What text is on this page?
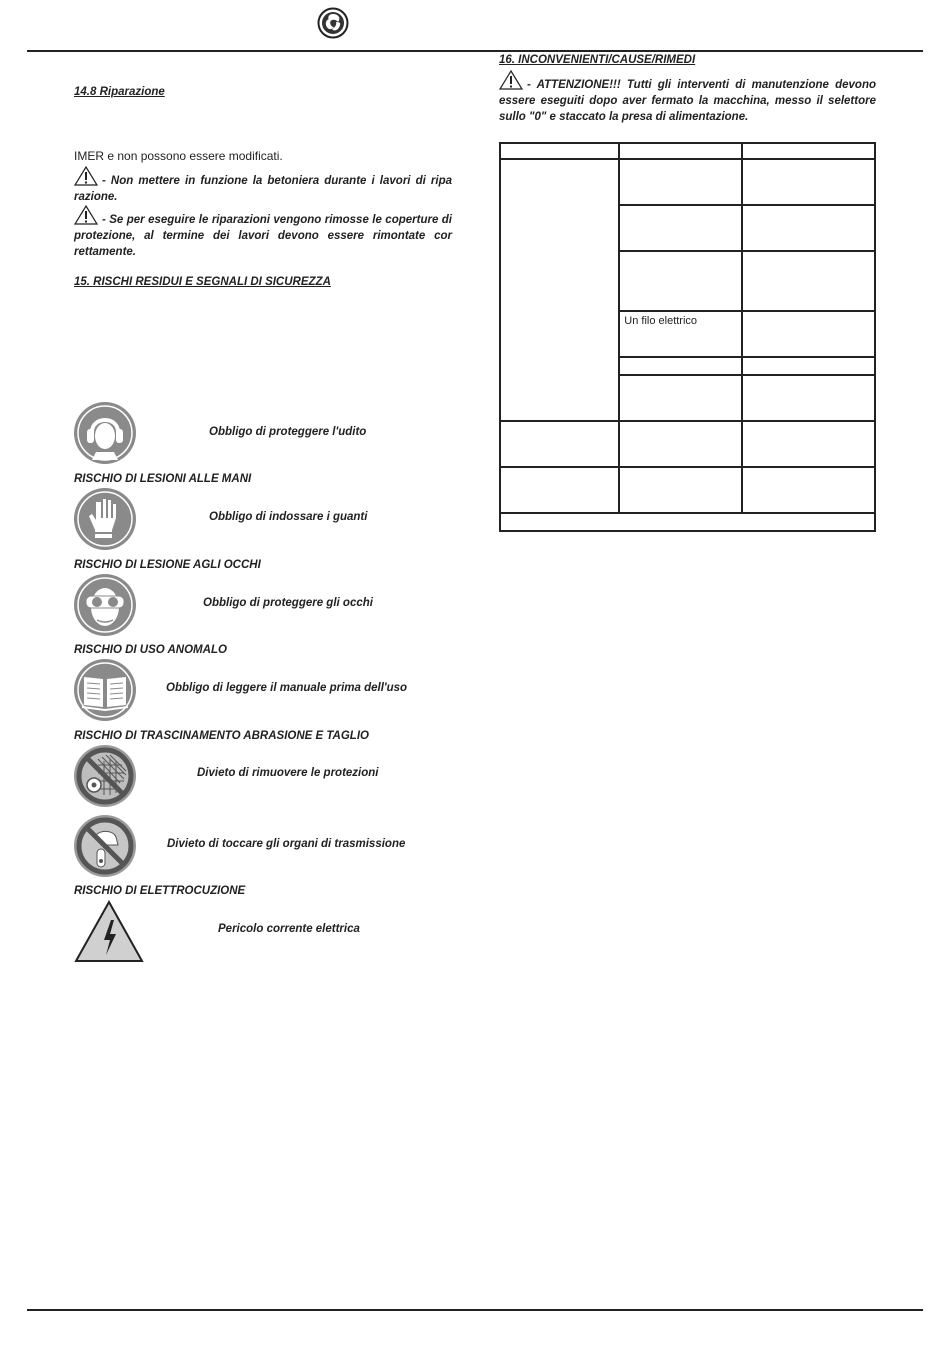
14.8 Riparazione
IMER e non possono essere modificati.
- Non mettere in funzione la betoniera durante i lavori di ripa razione.
- Se per eseguire le riparazioni vengono rimosse le coperture di protezione, al termine dei lavori devono essere rimontate cor rettamente.
15. RISCHI RESIDUI E SEGNALI DI SICUREZZA
Obbligo di proteggere l'udito
RISCHIO DI LESIONI ALLE MANI
Obbligo di indossare i guanti
RISCHIO DI LESIONE AGLI OCCHI
Obbligo di proteggere gli occhi
RISCHIO DI USO ANOMALO
Obbligo di leggere il manuale prima dell'uso
RISCHIO DI TRASCINAMENTO ABRASIONE E TAGLIO
Divieto di rimuovere le protezioni
Divieto di toccare gli organi di trasmissione
RISCHIO DI ELETTROCUZIONE
Pericolo corrente elettrica
16. INCONVENIENTI/CAUSE/RIMEDI
- ATTENZIONE!!! Tutti gli interventi di manutenzione devono essere eseguiti dopo aver fermato la macchina, messo il selettore sullo "0" e staccato la presa di alimentazione.

	Un filo elettrico	
